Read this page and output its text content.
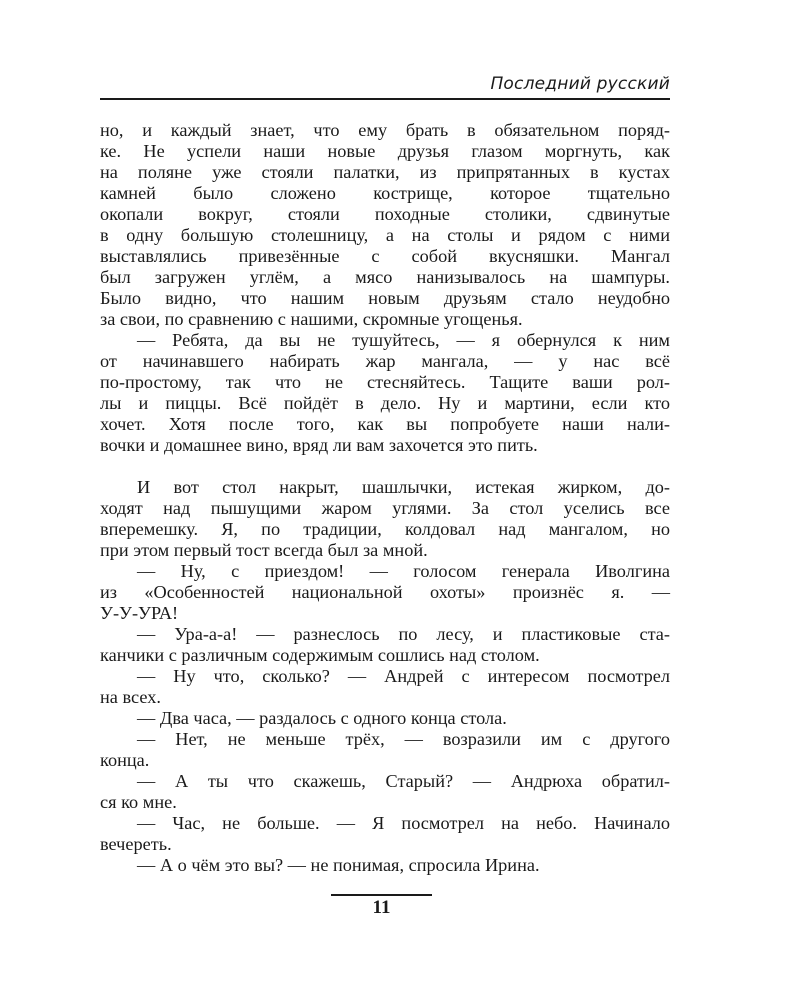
Последний русский
но, и каждый знает, что ему брать в обязательном поряд-
ке. Не успели наши новые друзья глазом моргнуть, как
на поляне уже стояли палатки, из припрятанных в кустах
камней было сложено кострище, которое тщательно
окопали вокруг, стояли походные столики, сдвинутые
в одну большую столешницу, а на столы и рядом с ними
выставлялись привезённые с собой вкусняшки. Мангал
был загружен углём, а мясо нанизывалось на шампуры.
Было видно, что нашим новым друзьям стало неудобно
за свои, по сравнению с нашими, скромные угощенья.
— Ребята, да вы не тушуйтесь, — я обернулся к ним
от начинавшего набирать жар мангала, — у нас всё
по-простому, так что не стесняйтесь. Тащите ваши рол-
лы и пиццы. Всё пойдёт в дело. Ну и мартини, если кто
хочет. Хотя после того, как вы попробуете наши нали-
вочки и домашнее вино, вряд ли вам захочется это пить.
И вот стол накрыт, шашлычки, истекая жирком, до-
ходят над пышущими жаром углями. За стол уселись все
вперемешку. Я, по традиции, колдовал над мангалом, но
при этом первый тост всегда был за мной.
— Ну, с приездом! — голосом генерала Иволгина
из «Особенностей национальной охоты» произнёс я. —
У-У-УРА!
— Ура-а-а! — разнеслось по лесу, и пластиковые ста-
канчики с различным содержимым сошлись над столом.
— Ну что, сколько? — Андрей с интересом посмотрел
на всех.
— Два часа, — раздалось с одного конца стола.
— Нет, не меньше трёх, — возразили им с другого
конца.
— А ты что скажешь, Старый? — Андрюха обратил-
ся ко мне.
— Час, не больше. — Я посмотрел на небо. Начинало
вечереть.
— А о чём это вы? — не понимая, спросила Ирина.
11
